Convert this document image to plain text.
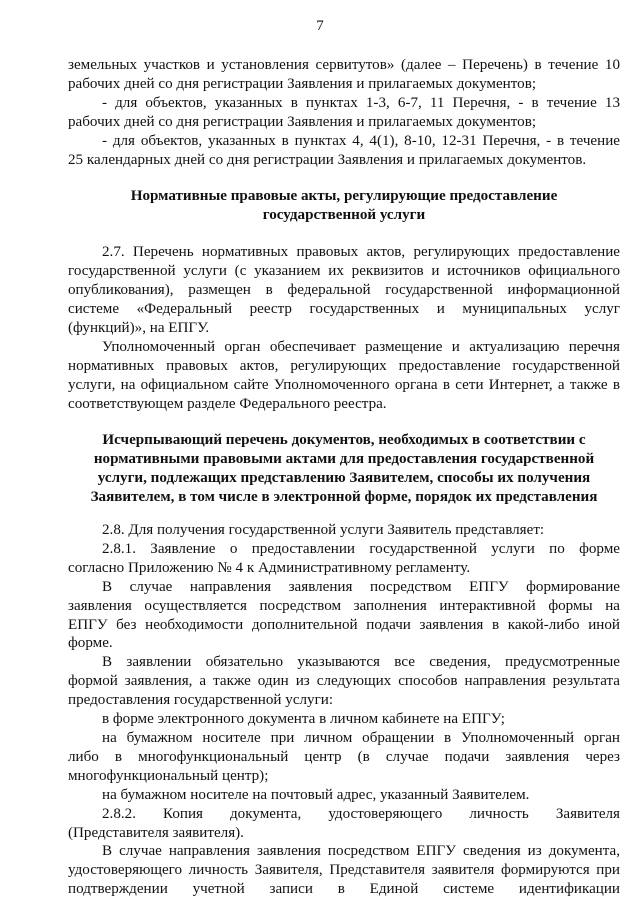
7

земельных участков и установления сервитутов» (далее – Перечень) в течение 10

рабочих дней со дня регистрации Заявления и прилагаемых документов;

- для объектов, указанных в пунктах 1-3, 6-7, 11 Перечня, - в течение 13

рабочих дней со дня регистрации Заявления и прилагаемых документов;

- для объектов, указанных в пунктах 4, 4(1), 8-10, 12-31 Перечня, - в течение

25 календарных дней со дня регистрации Заявления и прилагаемых документов.

Нормативные правовые акты, регулирующие предоставление

государственной услуги

2.7. Перечень нормативных правовых актов, регулирующих предоставление

государственной услуги (с указанием их реквизитов и источников официального

опубликования), размещен в федеральной государственной информационной

системе «Федеральный реестр государственных и муниципальных услуг

(функций)», на ЕПГУ.

Уполномоченный орган обеспечивает размещение и актуализацию перечня

нормативных правовых актов, регулирующих предоставление государственной

услуги, на официальном сайте Уполномоченного органа в сети Интернет, а также в

соответствующем разделе Федерального реестра.

Исчерпывающий перечень документов, необходимых в соответствии с

нормативными правовыми актами для предоставления государственной

услуги, подлежащих представлению Заявителем, способы их получения

Заявителем, в том числе в электронной форме, порядок их представления

2.8. Для получения государственной услуги Заявитель представляет:

2.8.1. Заявление о предоставлении государственной услуги по форме

согласно Приложению № 4 к Административному регламенту.

В случае направления заявления посредством ЕПГУ формирование

заявления осуществляется посредством заполнения интерактивной формы на

ЕПГУ без необходимости дополнительной подачи заявления в какой-либо иной

форме.

В заявлении обязательно указываются все сведения, предусмотренные

формой заявления, а также один из следующих способов направления результата

предоставления государственной услуги:

в форме электронного документа в личном кабинете на ЕПГУ;

на бумажном носителе при личном обращении в Уполномоченный орган

либо в многофункциональный центр (в случае подачи заявления через

многофункциональный центр);

на бумажном носителе на почтовый адрес, указанный Заявителем.

2.8.2. Копия документа, удостоверяющего личность Заявителя

(Представителя заявителя).

В случае направления заявления посредством ЕПГУ сведения из документа,

удостоверяющего личность Заявителя, Представителя заявителя формируются при

подтверждении учетной записи в Единой системе идентификации
